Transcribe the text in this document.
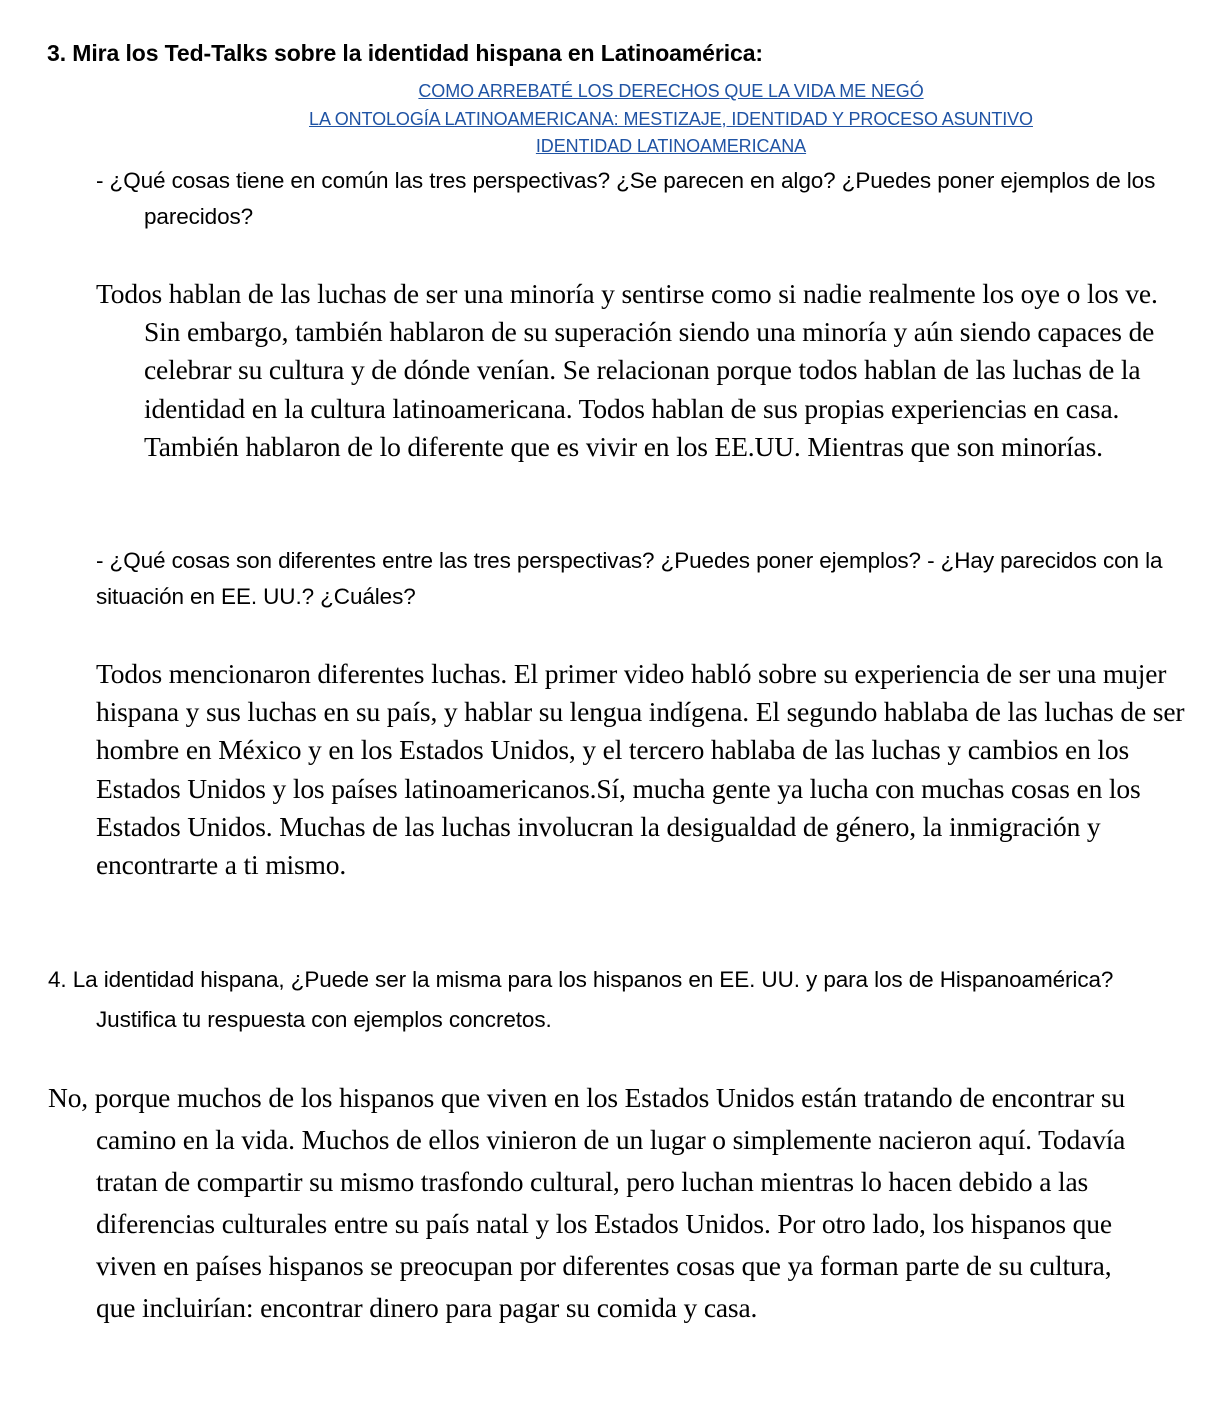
3. Mira los Ted-Talks sobre la identidad hispana en Latinoamérica:
COMO ARREBATÉ LOS DERECHOS QUE LA VIDA ME NEGÓ
LA ONTOLOGÍA LATINOAMERICANA: MESTIZAJE, IDENTIDAD Y PROCESO ASUNTIVO
IDENTIDAD LATINOAMERICANA
- ¿Qué cosas tiene en común las tres perspectivas? ¿Se parecen en algo? ¿Puedes poner ejemplos de los parecidos?

Todos hablan de las luchas de ser una minoría y sentirse como si nadie realmente los oye o los ve. Sin embargo, también hablaron de su superación siendo una minoría y aún siendo capaces de celebrar su cultura y de dónde venían. Se relacionan porque todos hablan de las luchas de la identidad en la cultura latinoamericana. Todos hablan de sus propias experiencias en casa. También hablaron de lo diferente que es vivir en los EE.UU. Mientras que son minorías.

- ¿Qué cosas son diferentes entre las tres perspectivas? ¿Puedes poner ejemplos? - ¿Hay parecidos con la situación en EE. UU.? ¿Cuáles?

Todos mencionaron diferentes luchas. El primer video habló sobre su experiencia de ser una mujer hispana y sus luchas en su país, y hablar su lengua indígena. El segundo hablaba de las luchas de ser hombre en México y en los Estados Unidos, y el tercero hablaba de las luchas y cambios en los Estados Unidos y los países latinoamericanos.Sí, mucha gente ya lucha con muchas cosas en los Estados Unidos. Muchas de las luchas involucran la desigualdad de género, la inmigración y encontrarte a ti mismo.

4. La identidad hispana, ¿Puede ser la misma para los hispanos en EE. UU. y para los de Hispanoamérica? Justifica tu respuesta con ejemplos concretos.

No, porque muchos de los hispanos que viven en los Estados Unidos están tratando de encontrar su camino en la vida. Muchos de ellos vinieron de un lugar o simplemente nacieron aquí. Todavía tratan de compartir su mismo trasfondo cultural, pero luchan mientras lo hacen debido a las diferencias culturales entre su país natal y los Estados Unidos. Por otro lado, los hispanos que viven en países hispanos se preocupan por diferentes cosas que ya forman parte de su cultura, que incluirían: encontrar dinero para pagar su comida y casa.
